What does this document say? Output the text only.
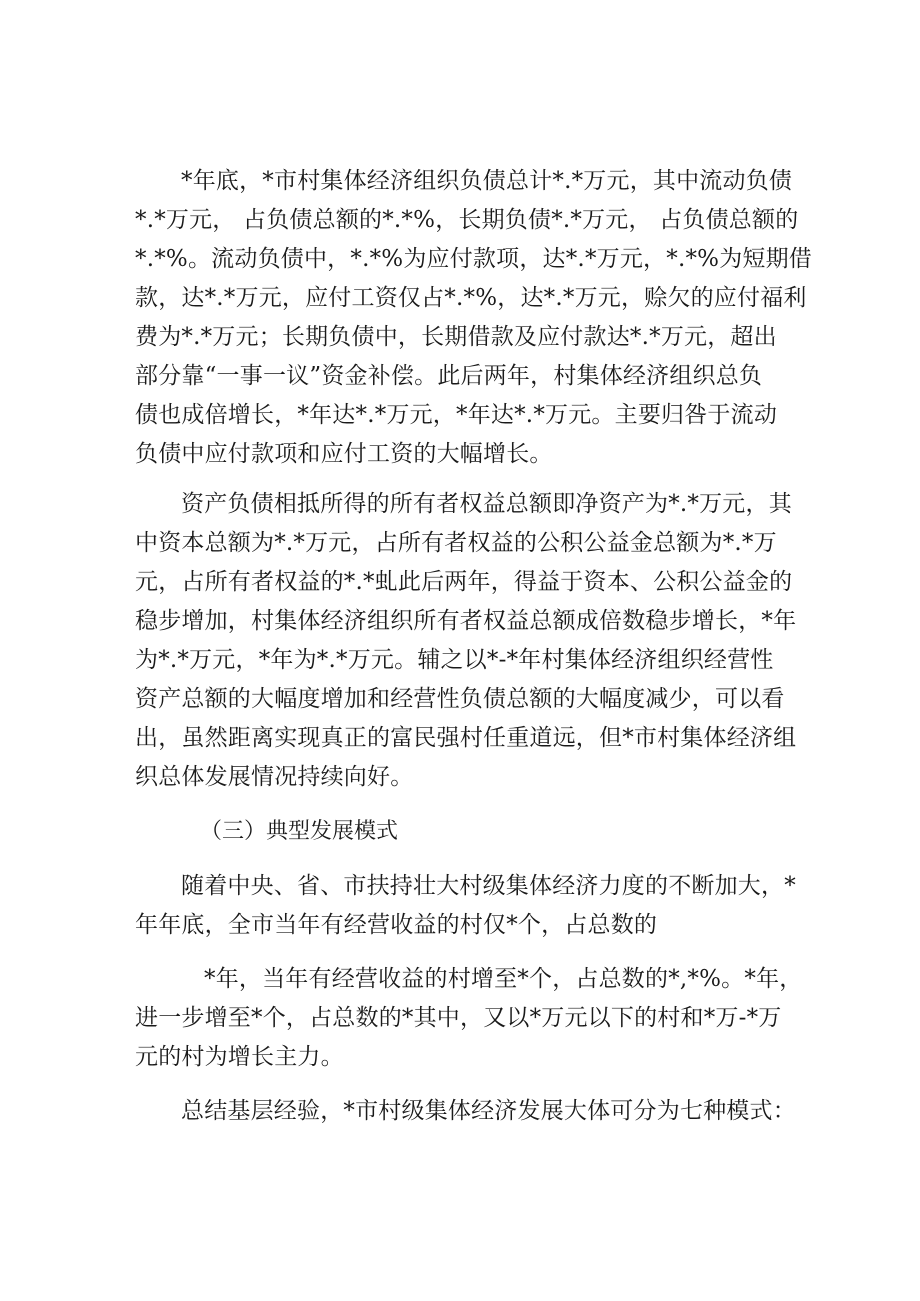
*年底，*市村集体经济组织负债总计*.*万元，其中流动负债
*.*万元， 占负债总额的*.*%，长期负债*.*万元， 占负债总额的
*.*%。流动负债中，*.*%为应付款项，达*.*万元，*.*%为短期借
款，达*.*万元，应付工资仅占*.*%，达*.*万元，赊欠的应付福利
费为*.*万元；长期负债中，长期借款及应付款达*.*万元，超出
部分靠“一事一议”资金补偿。此后两年，村集体经济组织总负
债也成倍增长，*年达*.*万元，*年达*.*万元。主要归咎于流动
负债中应付款项和应付工资的大幅增长。
资产负债相抵所得的所有者权益总额即净资产为*.*万元，其
中资本总额为*.*万元，占所有者权益的公积公益金总额为*.*万
元，占所有者权益的*.*虬此后两年，得益于资本、公积公益金的
稳步增加，村集体经济组织所有者权益总额成倍数稳步增长，*年
为*.*万元，*年为*.*万元。辅之以*-*年村集体经济组织经营性
资产总额的大幅度增加和经营性负债总额的大幅度减少，可以看
出，虽然距离实现真正的富民强村任重道远，但*市村集体经济组
织总体发展情况持续向好。
（三）典型发展模式
随着中央、省、市扶持壮大村级集体经济力度的不断加大，*
年年底，全市当年有经营收益的村仅*个，占总数的
*年，当年有经营收益的村增至*个，占总数的*,*%。*年，
进一步增至*个，占总数的*其中，又以*万元以下的村和*万-*万
元的村为增长主力。
总结基层经验，*市村级集体经济发展大体可分为七种模式：
